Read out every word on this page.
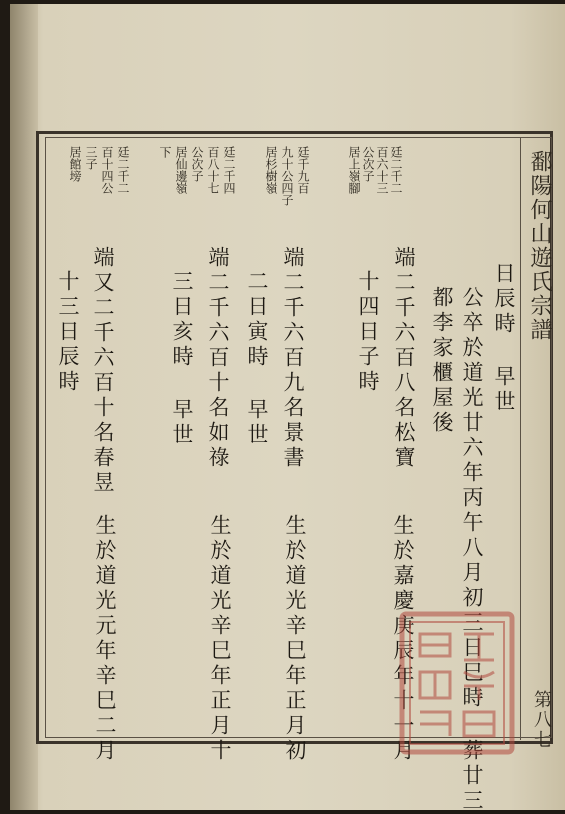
鄱陽何山遊氏宗譜
第八七
日辰時 早世
公卒於道光廿六年丙午八月初三日巳時 葬廿三
都李家櫃屋後
廷二千二
百六十三
公次子
居上嶺腳
端二千六百八名松寶
十四日子時
生於嘉慶庚辰年十一月
廷千九百
九十公四子
居杉樹嶺
端二千六百九名景書
二日寅時 早世
生於道光辛巳年正月初
廷二千四
百八十七
公次子
居仙邊嶺
下
端二千六百十名如祿
三日亥時 早世
生於道光辛巳年正月十
廷二千二
百十四公
三子
居館塝
端又二千六百十名春昱
十三日辰時
生於道光元年辛巳二月
